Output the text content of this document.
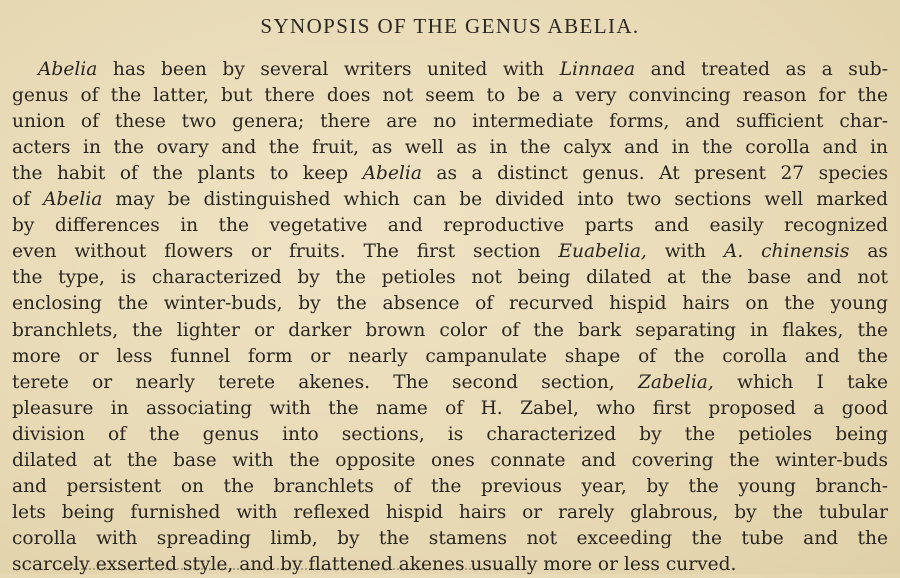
SYNOPSIS OF THE GENUS ABELIA.
Abelia has been by several writers united with Linnaea and treated as a sub-
genus of the latter, but there does not seem to be a very convincing reason for the
union of these two genera; there are no intermediate forms, and sufficient char-
acters in the ovary and the fruit, as well as in the calyx and in the corolla and in
the habit of the plants to keep Abelia as a distinct genus. At present 27 species
of Abelia may be distinguished which can be divided into two sections well marked
by differences in the vegetative and reproductive parts and easily recognized
even without flowers or fruits. The first section Euabelia, with A. chinensis as
the type, is characterized by the petioles not being dilated at the base and not
enclosing the winter-buds, by the absence of recurved hispid hairs on the young
branchlets, the lighter or darker brown color of the bark separating in flakes, the
more or less funnel form or nearly campanulate shape of the corolla and the
terete or nearly terete akenes. The second section, Zabelia, which I take
pleasure in associating with the name of H. Zabel, who first proposed a good
division of the genus into sections, is characterized by the petioles being
dilated at the base with the opposite ones connate and covering the winter-buds
and persistent on the branchlets of the previous year, by the young branch-
lets being furnished with reflexed hispid hairs or rarely glabrous, by the tubular
corolla with spreading limb, by the stamens not exceeding the tube and the
scarcely exserted style, and by flattened akenes usually more or less curved.
